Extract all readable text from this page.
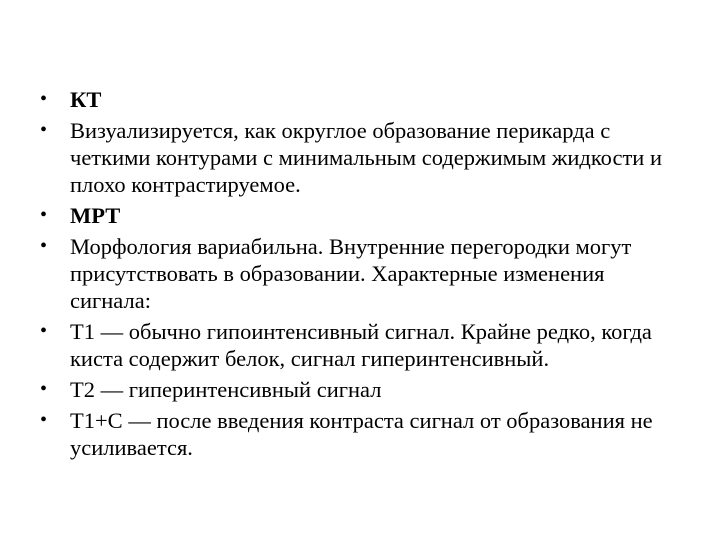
•	КТ
•	Визуализируется, как округлое образование перикарда с четкими контурами с минимальным содержимым жидкости и плохо контрастируемое.
•	МРТ
•	Морфология вариабильна. Внутренние перегородки могут присутствовать в образовании. Характерные изменения сигнала:
•	Т1 — обычно гипоинтенсивный сигнал. Крайне редко, когда киста содержит белок, сигнал гиперинтенсивный.
•	Т2 — гиперинтенсивный сигнал
•	Т1+С — после введения контраста сигнал от образования не усиливается.
